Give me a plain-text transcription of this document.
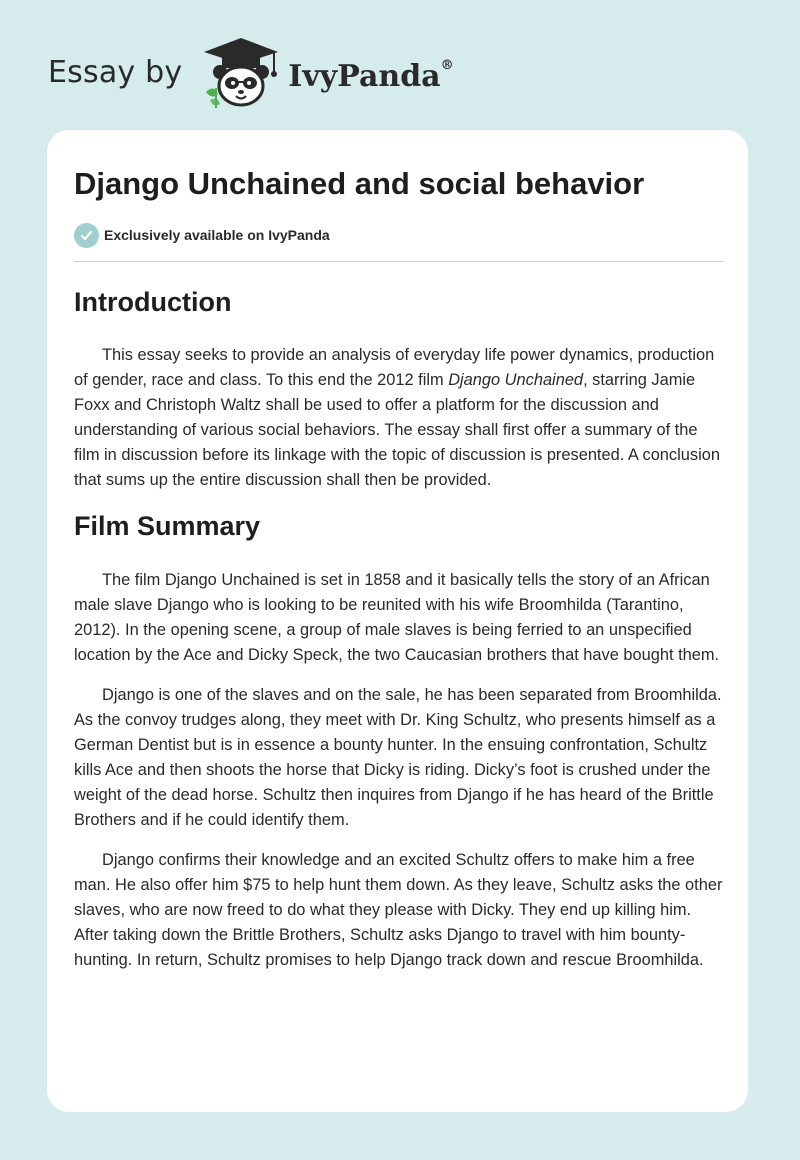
Essay by	IvyPanda®
Django Unchained and social behavior
Exclusively available on IvyPanda
Introduction

This essay seeks to provide an analysis of everyday life power dynamics, production of gender, race and class. To this end the 2012 film Django Unchained, starring Jamie Foxx and Christoph Waltz shall be used to offer a platform for the discussion and understanding of various social behaviors. The essay shall first offer a summary of the film in discussion before its linkage with the topic of discussion is presented. A conclusion that sums up the entire discussion shall then be provided.

Film Summary

The film Django Unchained is set in 1858 and it basically tells the story of an African male slave Django who is looking to be reunited with his wife Broomhilda (Tarantino, 2012). In the opening scene, a group of male slaves is being ferried to an unspecified location by the Ace and Dicky Speck, the two Caucasian brothers that have bought them.

Django is one of the slaves and on the sale, he has been separated from Broomhilda. As the convoy trudges along, they meet with Dr. King Schultz, who presents himself as a German Dentist but is in essence a bounty hunter. In the ensuing confrontation, Schultz kills Ace and then shoots the horse that Dicky is riding. Dicky’s foot is crushed under the weight of the dead horse. Schultz then inquires from Django if he has heard of the Brittle Brothers and if he could identify them.

Django confirms their knowledge and an excited Schultz offers to make him a free man. He also offer him $75 to help hunt them down. As they leave, Schultz asks the other slaves, who are now freed to do what they please with Dicky. They end up killing him. After taking down the Brittle Brothers, Schultz asks Django to travel with him bounty-hunting. In return, Schultz promises to help Django track down and rescue Broomhilda.
